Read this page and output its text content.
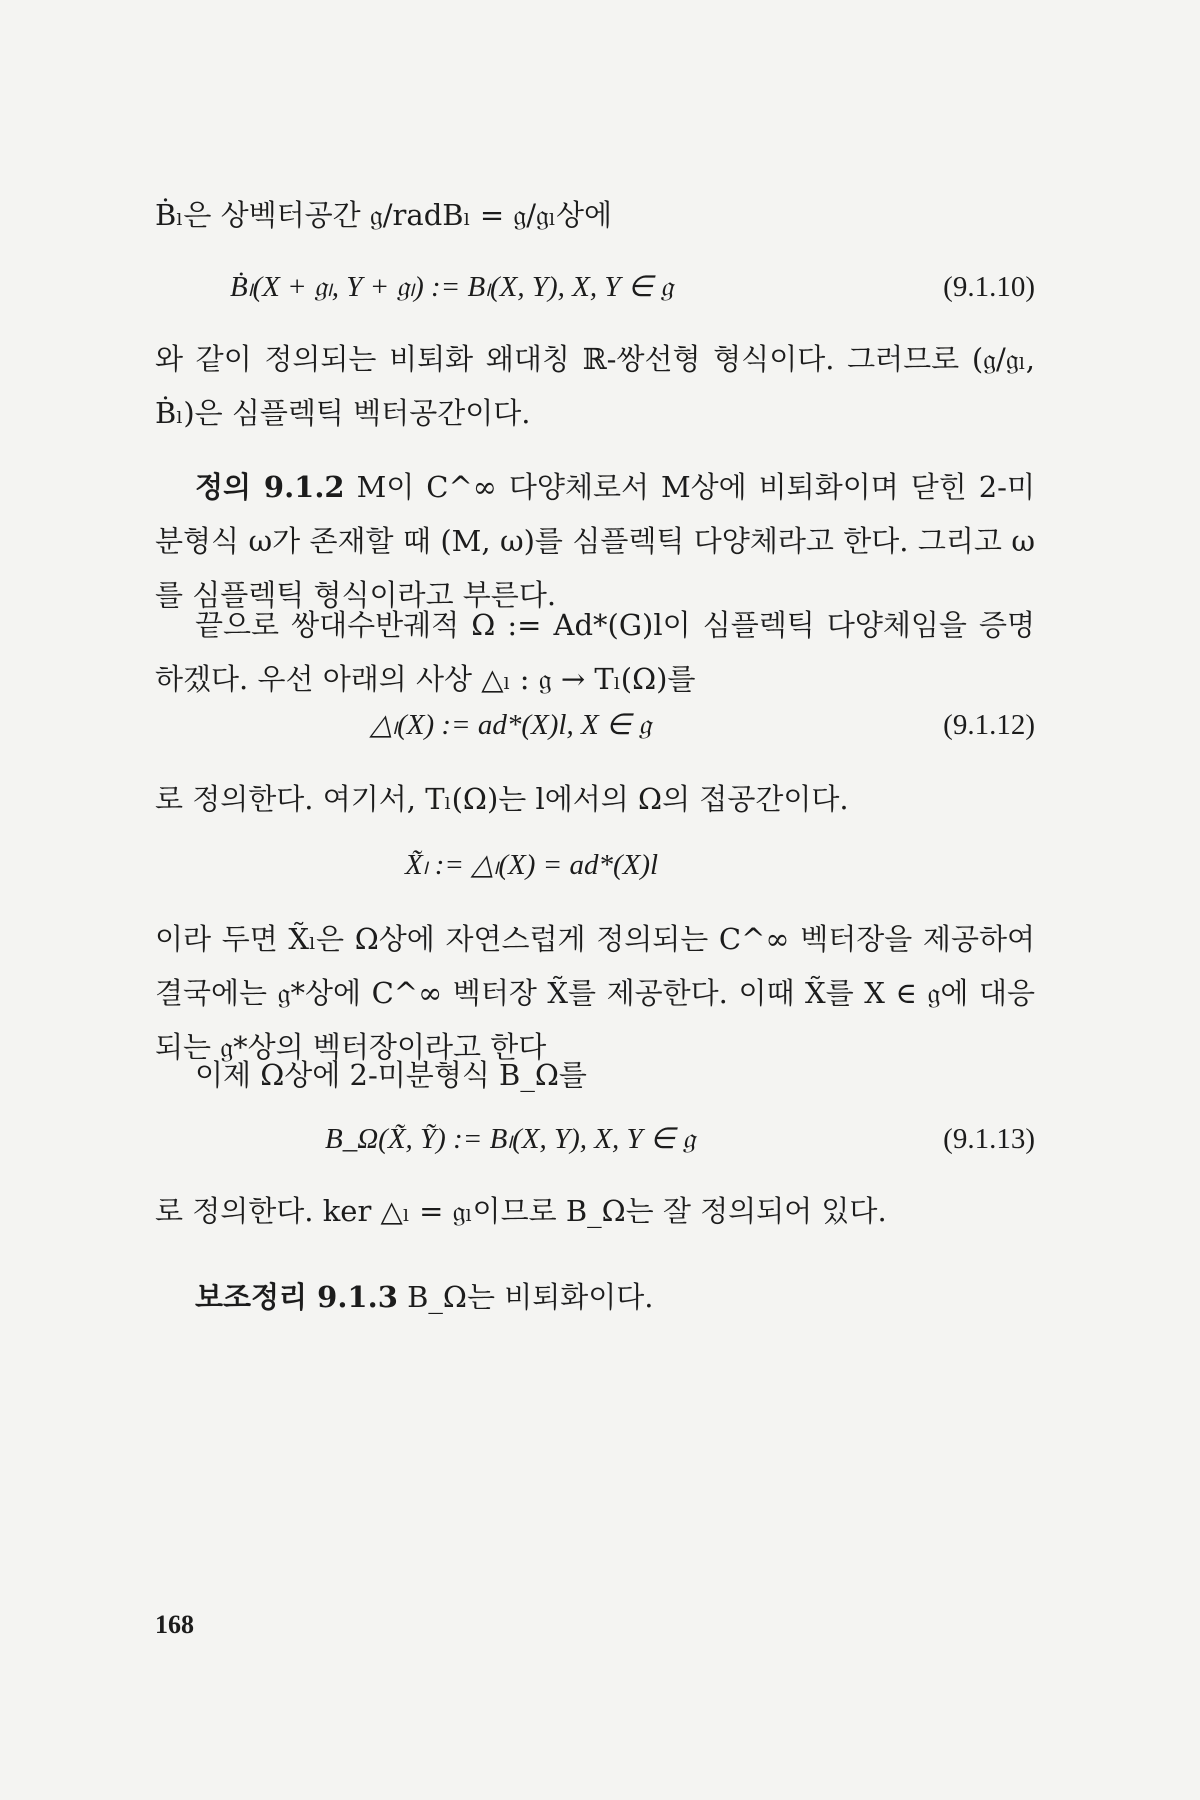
Ḃₗ은 상벡터공간 𝔤/radBₗ = 𝔤/𝔤ₗ상에

Ḃₗ(X + 𝔤ₗ, Y + 𝔤ₗ) := Bₗ(X, Y), X, Y ∈ 𝔤	(9.1.10)

와 같이 정의되는 비퇴화 왜대칭 ℝ-쌍선형 형식이다. 그러므로 (𝔤/𝔤ₗ, Ḃₗ)은 심플렉틱 벡터공간이다.

정의 9.1.2 M이 C^∞ 다양체로서 M상에 비퇴화이며 닫힌 2-미분형식 ω가 존재할 때 (M, ω)를 심플렉틱 다양체라고 한다. 그리고 ω를 심플렉틱 형식이라고 부른다.

끝으로 쌍대수반궤적 Ω := Ad*(G)l이 심플렉틱 다양체임을 증명하겠다. 우선 아래의 사상 △ₗ : 𝔤 → Tₗ(Ω)를

△ₗ(X) := ad*(X)l, X ∈ 𝔤	(9.1.12)

로 정의한다. 여기서, Tₗ(Ω)는 l에서의 Ω의 접공간이다.

X̃ₗ := △ₗ(X) = ad*(X)l

이라 두면 X̃ₗ은 Ω상에 자연스럽게 정의되는 C^∞ 벡터장을 제공하여 결국에는 𝔤*상에 C^∞ 벡터장 X̃를 제공한다. 이때 X̃를 X ∈ 𝔤에 대응되는 𝔤*상의 벡터장이라고 한다

이제 Ω상에 2-미분형식 B_Ω를

B_Ω(X̃, Ỹ) := Bₗ(X, Y), X, Y ∈ 𝔤	(9.1.13)

로 정의한다. ker △ₗ = 𝔤ₗ이므로 B_Ω는 잘 정의되어 있다.

보조정리 9.1.3 B_Ω는 비퇴화이다.

168
